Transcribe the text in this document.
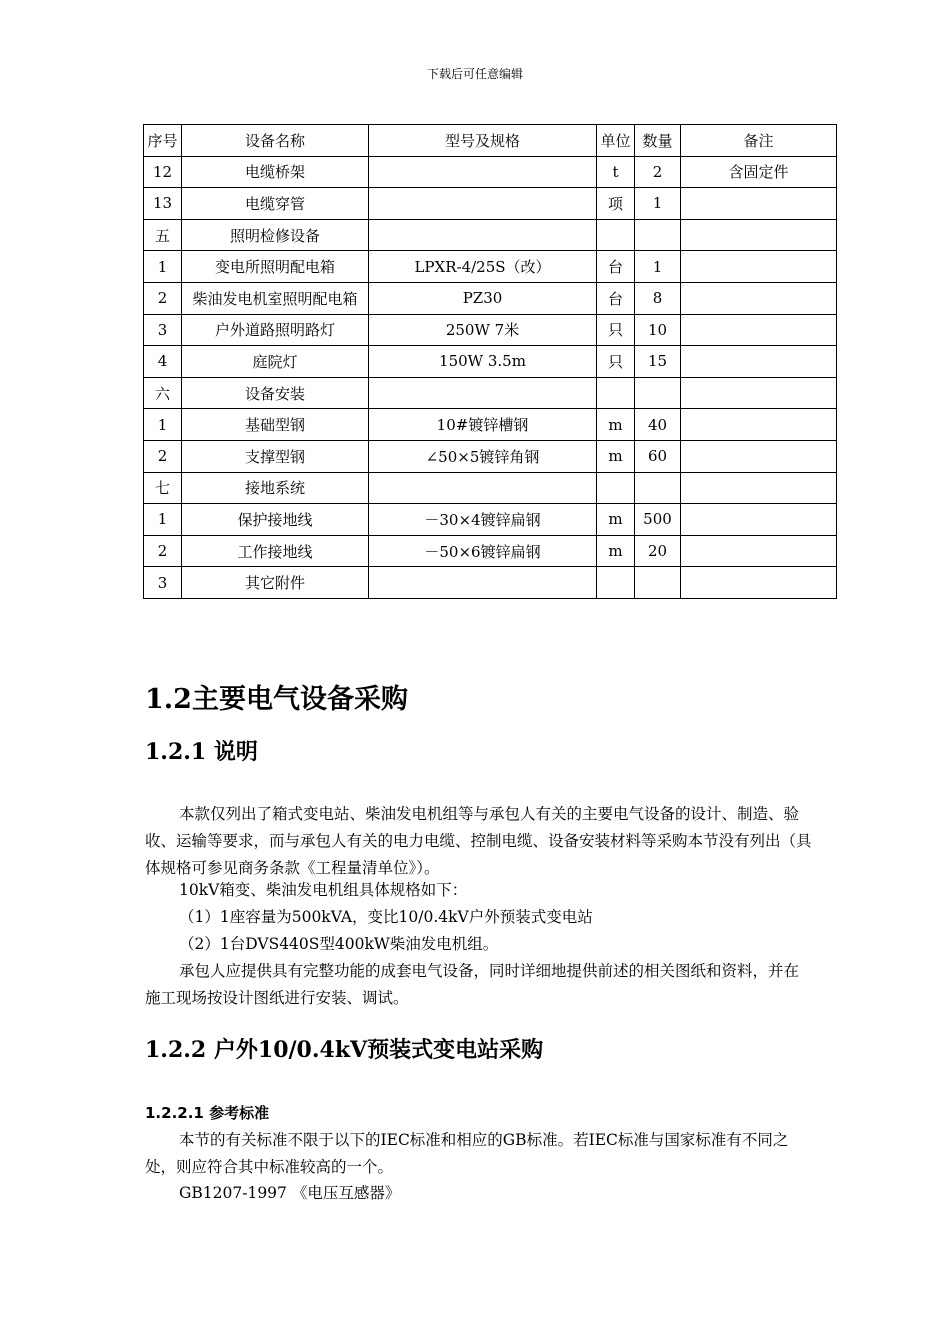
下载后可任意编辑
序号	设备名称	型号及规格	单位	数量	备注
12	电缆桥架		t	2	含固定件
13	电缆穿管		项	1	
五	照明检修设备				
1	变电所照明配电箱	LPXR-4/25S（改）	台	1	
2	柴油发电机室照明配电箱	PZ30	台	8	
3	户外道路照明路灯	250W 7米	只	10	
4	庭院灯	150W 3.5m	只	15	
六	设备安装				
1	基础型钢	10#镀锌槽钢	m	40	
2	支撑型钢	∠50×5镀锌角钢	m	60	
七	接地系统				
1	保护接地线	－30×4镀锌扁钢	m	500	
2	工作接地线	－50×6镀锌扁钢	m	20	
3	其它附件				
1.2主要电气设备采购
1.2.1 说明

本款仅列出了箱式变电站、柴油发电机组等与承包人有关的主要电气设备的设计、制造、验收、运输等要求，而与承包人有关的电力电缆、控制电缆、设备安装材料等采购本节没有列出（具体规格可参见商务条款《工程量清单位》）。

10kV箱变、柴油发电机组具体规格如下：

（1）1座容量为500kVA，变比10/0.4kV户外预装式变电站

（2）1台DVS440S型400kW柴油发电机组。

承包人应提供具有完整功能的成套电气设备，同时详细地提供前述的相关图纸和资料，并在施工现场按设计图纸进行安装、调试。

1.2.2 户外10/0.4kV预装式变电站采购
1.2.2.1 参考标准

本节的有关标准不限于以下的IEC标准和相应的GB标准。若IEC标准与国家标准有不同之处，则应符合其中标准较高的一个。

GB1207-1997 《电压互感器》
